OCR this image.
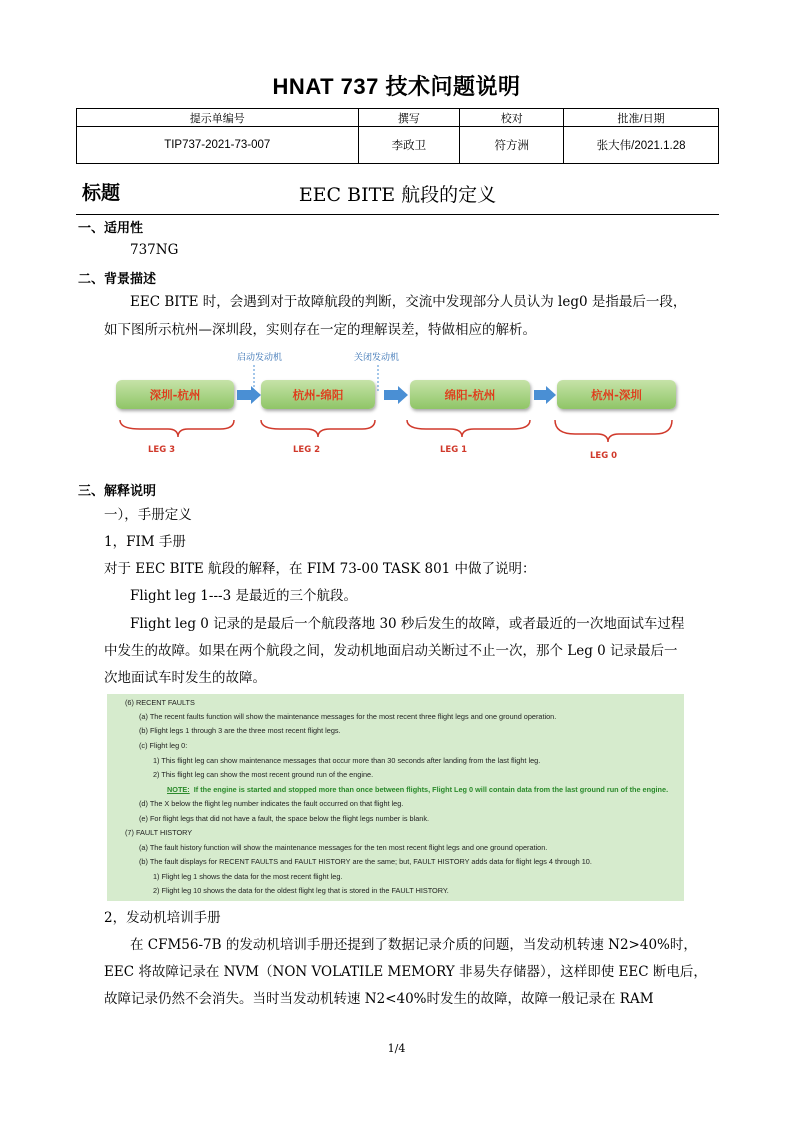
HNAT 737 技术问题说明
提示单编号	撰写	校对	批准/日期
TIP737-2021-73-007	李政卫	符方洲	张大伟/2021.1.28
标题	EEC BITE 航段的定义
一、适用性
737NG
二、背景描述
EEC BITE 时，会遇到对于故障航段的判断，交流中发现部分人员认为 leg0 是指最后一段，
如下图所示杭州—深圳段，实则存在一定的理解误差，特做相应的解析。
启动发动机	关闭发动机
深圳-杭州	杭州-绵阳	绵阳-杭州	杭州-深圳
LEG 3	LEG 2	LEG 1
LEG 0
三、解释说明
一），手册定义
1，FIM 手册
对于 EEC BITE 航段的解释，在 FIM 73-00 TASK 801 中做了说明：
Flight leg 1---3 是最近的三个航段。
Flight leg 0 记录的是最后一个航段落地 30 秒后发生的故障，或者最近的一次地面试车过程
中发生的故障。如果在两个航段之间，发动机地面启动关断过不止一次，那个 Leg 0 记录最后一
次地面试车时发生的故障。
(6) RECENT FAULTS
(a) The recent faults function will show the maintenance messages for the most recent three flight legs and one ground operation.
(b) Flight legs 1 through 3 are the three most recent flight legs.
(c) Flight leg 0:
1) This flight leg can show maintenance messages that occur more than 30 seconds after landing from the last flight leg.
2) This flight leg can show the most recent ground run of the engine.
NOTE: If the engine is started and stopped more than once between flights, Flight Leg 0 will contain data from the last ground run of the engine.
(d) The X below the flight leg number indicates the fault occurred on that flight leg.
(e) For flight legs that did not have a fault, the space below the flight legs number is blank.
(7) FAULT HISTORY
(a) The fault history function will show the maintenance messages for the ten most recent flight legs and one ground operation.
(b) The fault displays for RECENT FAULTS and FAULT HISTORY are the same; but, FAULT HISTORY adds data for flight legs 4 through 10.
1) Flight leg 1 shows the data for the most recent flight leg.
2) Flight leg 10 shows the data for the oldest flight leg that is stored in the FAULT HISTORY.
2，发动机培训手册
在 CFM56-7B 的发动机培训手册还提到了数据记录介质的问题，当发动机转速 N2>40%时，
EEC 将故障记录在 NVM（NON VOLATILE MEMORY 非易失存储器），这样即使 EEC 断电后，
故障记录仍然不会消失。当时当发动机转速 N2<40%时发生的故障，故障一般记录在 RAM
1/4
